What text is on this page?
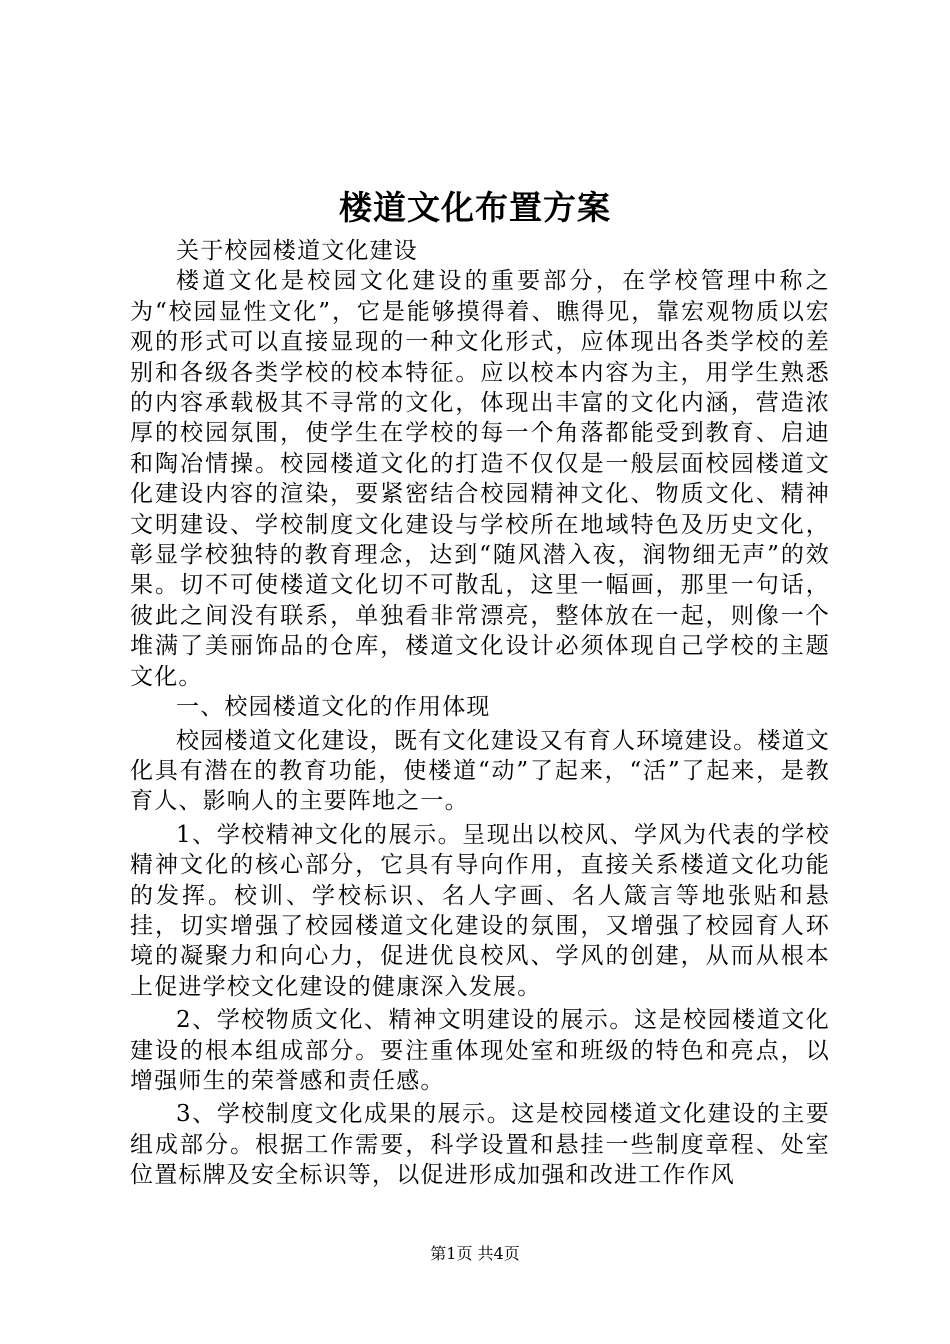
楼道文化布置方案

关于校园楼道文化建设

楼道文化是校园文化建设的重要部分，在学校管理中称之为“校园显性文化”，它是能够摸得着、瞧得见，靠宏观物质以宏观的形式可以直接显现的一种文化形式，应体现出各类学校的差别和各级各类学校的校本特征。应以校本内容为主，用学生熟悉的内容承载极其不寻常的文化，体现出丰富的文化内涵，营造浓厚的校园氛围，使学生在学校的每一个角落都能受到教育、启迪和陶冶情操。校园楼道文化的打造不仅仅是一般层面校园楼道文化建设内容的渲染，要紧密结合校园精神文化、物质文化、精神文明建设、学校制度文化建设与学校所在地域特色及历史文化，彰显学校独特的教育理念，达到“随风潜入夜，润物细无声”的效果。切不可使楼道文化切不可散乱，这里一幅画，那里一句话，彼此之间没有联系，单独看非常漂亮，整体放在一起，则像一个堆满了美丽饰品的仓库，楼道文化设计必须体现自己学校的主题文化。

一、校园楼道文化的作用体现

校园楼道文化建设，既有文化建设又有育人环境建设。楼道文化具有潜在的教育功能，使楼道“动”了起来，“活”了起来，是教育人、影响人的主要阵地之一。

1、学校精神文化的展示。呈现出以校风、学风为代表的学校精神文化的核心部分，它具有导向作用，直接关系楼道文化功能的发挥。校训、学校标识、名人字画、名人箴言等地张贴和悬挂，切实增强了校园楼道文化建设的氛围，又增强了校园育人环境的凝聚力和向心力，促进优良校风、学风的创建，从而从根本上促进学校文化建设的健康深入发展。

2、学校物质文化、精神文明建设的展示。这是校园楼道文化建设的根本组成部分。要注重体现处室和班级的特色和亮点，以增强师生的荣誉感和责任感。

3、学校制度文化成果的展示。这是校园楼道文化建设的主要组成部分。根据工作需要，科学设置和悬挂一些制度章程、处室位置标牌及安全标识等，以促进形成加强和改进工作作风

第1页 共4页
